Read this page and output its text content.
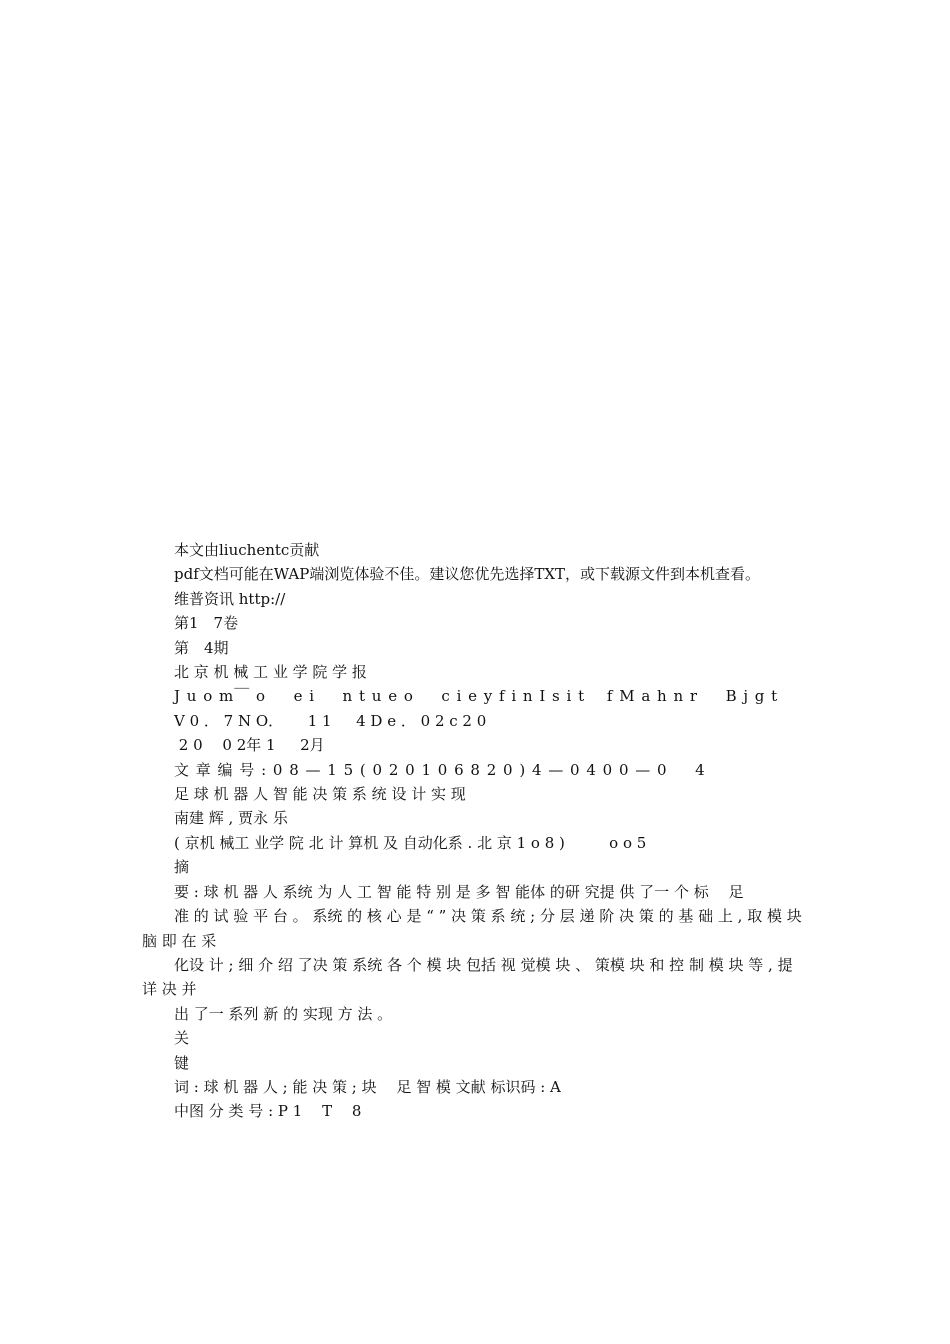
本文由liuchentc贡献
pdf文档可能在WAP端浏览体验不佳。建议您优先选择TXT，或下载源文件到本机查看。
维普资讯 http://
第1　7卷
第　4期
北 京 机 械 工 业 学 院 学 报
J u o m￣ o 　 e i 　 n t u e o 　 c i e y f i n I s i t 　f M a h n r 　 B j g t
V 0 ． 7 N O． 　 1 1 　 4 D e ． 0 2 c 2 0
2 0 　0 2年 1 　 2月
文 章 编 号 : 0 8 — 1 5 ( 0 2 0 1 0 6 8 2 0 ) 4 — 0 4 0 0 — 0 　 4
足 球 机 器 人 智 能 决 策 系 统 设 计 实 现
南建 辉 , 贾永 乐
( 京机 械工 业学 院 北 计 算机 及 自动化系 . 北 京 1 o 8 ) 　 　 o o 5
摘
要 : 球 机 器 人 系统 为 人 工 智 能 特 别 是 多 智 能体 的研 究提 供 了一 个 标 　足
准 的 试 验 平 台 。 系统 的 核 心 是 “ ” 决 策 系 统 ; 分 层 递 阶 决 策 的 基 础 上 , 取 模 块 　脑 即 在 采
化设 计 ; 细 介 绍 了决 策 系统 各 个 模 块 包括 视 觉模 块 、 策模 块 和 控 制 模 块 等 , 提 　详 决 并
出 了一 系列 新 的 实现 方 法 。
关
键
词 : 球 机 器 人 ; 能 决 策 ; 块 　足 智 模 文献 标识码 : A
中图 分 类 号 : P 1 　T 　8
